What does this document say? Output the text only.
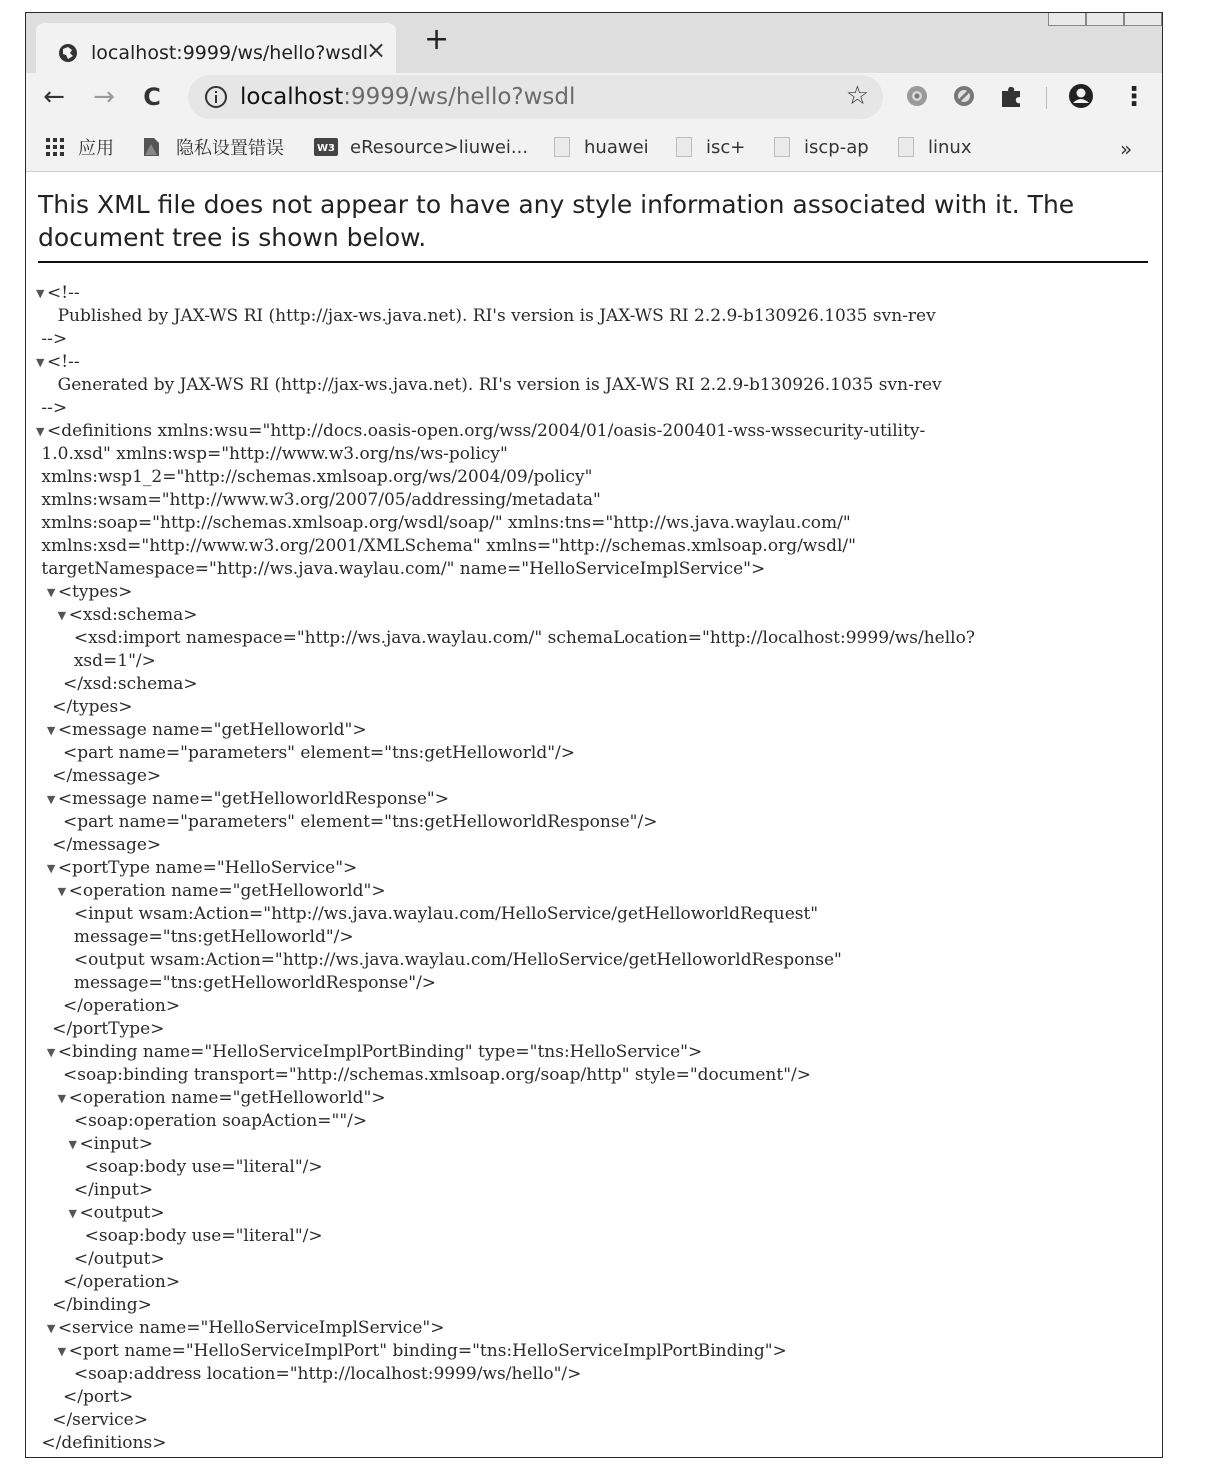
localhost:9999/ws/hello?wsdl
× +
← → C	localhost:9999/ws/hello?wsdl	☆	⋮
应用	隐私设置错误	W3 eResource>liuwei...	huawei	isc+	iscp-ap	linux	»
This XML file does not appear to have any style information associated with it. The document tree is shown below.
▼ <!--
Published by JAX-WS RI (http://jax-ws.java.net). RI's version is JAX-WS RI 2.2.9-b130926.1035 svn-rev
-->
▼ <!--
Generated by JAX-WS RI (http://jax-ws.java.net). RI's version is JAX-WS RI 2.2.9-b130926.1035 svn-rev
-->
▼ <definitions xmlns:wsu="http://docs.oasis-open.org/wss/2004/01/oasis-200401-wss-wssecurity-utility-
1.0.xsd" xmlns:wsp="http://www.w3.org/ns/ws-policy"
xmlns:wsp1_2="http://schemas.xmlsoap.org/ws/2004/09/policy"
xmlns:wsam="http://www.w3.org/2007/05/addressing/metadata"
xmlns:soap="http://schemas.xmlsoap.org/wsdl/soap/" xmlns:tns="http://ws.java.waylau.com/"
xmlns:xsd="http://www.w3.org/2001/XMLSchema" xmlns="http://schemas.xmlsoap.org/wsdl/"
targetNamespace="http://ws.java.waylau.com/" name="HelloServiceImplService">
▼ <types>
▼ <xsd:schema>
<xsd:import namespace="http://ws.java.waylau.com/" schemaLocation="http://localhost:9999/ws/hello?
xsd=1"/>
</xsd:schema>
</types>
▼ <message name="getHelloworld">
<part name="parameters" element="tns:getHelloworld"/>
</message>
▼ <message name="getHelloworldResponse">
<part name="parameters" element="tns:getHelloworldResponse"/>
</message>
▼ <portType name="HelloService">
▼ <operation name="getHelloworld">
<input wsam:Action="http://ws.java.waylau.com/HelloService/getHelloworldRequest"
message="tns:getHelloworld"/>
<output wsam:Action="http://ws.java.waylau.com/HelloService/getHelloworldResponse"
message="tns:getHelloworldResponse"/>
</operation>
</portType>
▼ <binding name="HelloServiceImplPortBinding" type="tns:HelloService">
<soap:binding transport="http://schemas.xmlsoap.org/soap/http" style="document"/>
▼ <operation name="getHelloworld">
<soap:operation soapAction=""/>
▼ <input>
<soap:body use="literal"/>
</input>
▼ <output>
<soap:body use="literal"/>
</output>
</operation>
</binding>
▼ <service name="HelloServiceImplService">
▼ <port name="HelloServiceImplPort" binding="tns:HelloServiceImplPortBinding">
<soap:address location="http://localhost:9999/ws/hello"/>
</port>
</service>
</definitions>
